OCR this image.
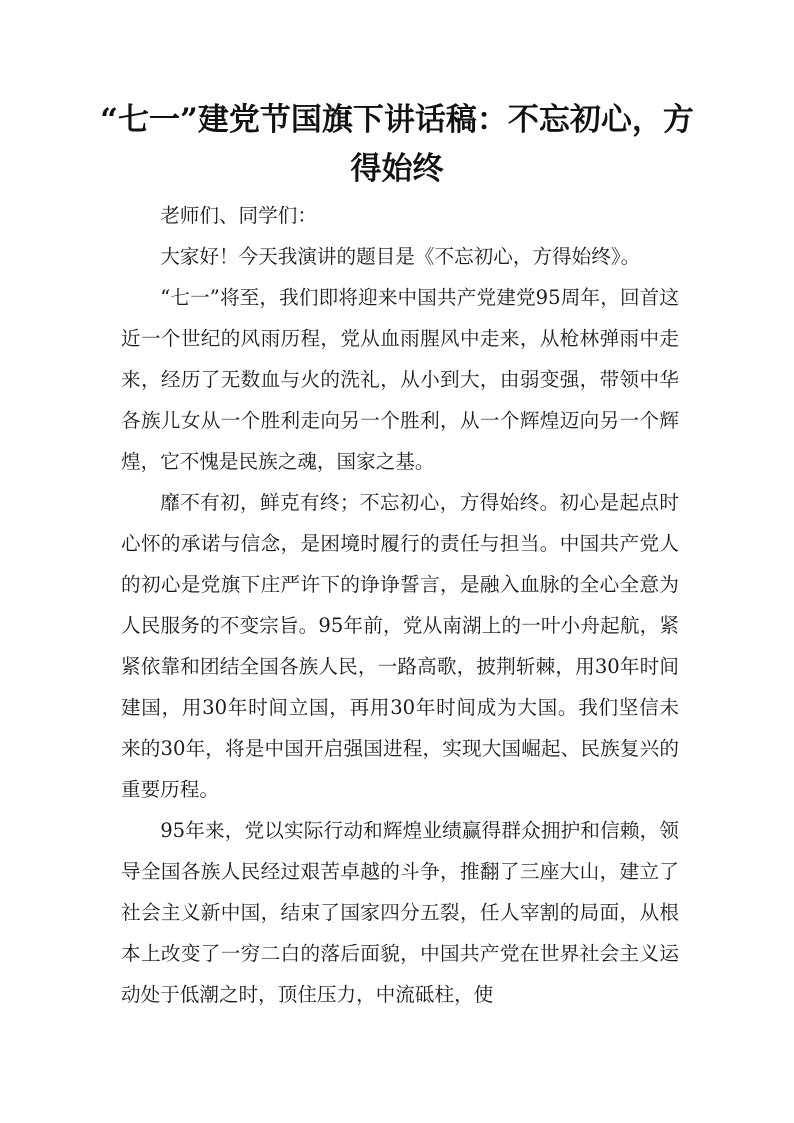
“七一”建党节国旗下讲话稿：不忘初心，方得始终

老师们、同学们：

大家好！今天我演讲的题目是《不忘初心，方得始终》。

“七一”将至，我们即将迎来中国共产党建党95周年，回首这近一个世纪的风雨历程，党从血雨腥风中走来，从枪林弹雨中走来，经历了无数血与火的洗礼，从小到大，由弱变强，带领中华各族儿女从一个胜利走向另一个胜利，从一个辉煌迈向另一个辉煌，它不愧是民族之魂，国家之基。

靡不有初，鲜克有终；不忘初心，方得始终。初心是起点时心怀的承诺与信念，是困境时履行的责任与担当。中国共产党人的初心是党旗下庄严许下的诤诤誓言，是融入血脉的全心全意为人民服务的不变宗旨。95年前，党从南湖上的一叶小舟起航，紧紧依靠和团结全国各族人民，一路高歌，披荆斩棘，用30年时间建国，用30年时间立国，再用30年时间成为大国。我们坚信未来的30年，将是中国开启强国进程，实现大国崛起、民族复兴的重要历程。

95年来，党以实际行动和辉煌业绩赢得群众拥护和信赖，领导全国各族人民经过艰苦卓越的斗争，推翻了三座大山，建立了社会主义新中国，结束了国家四分五裂，任人宰割的局面，从根本上改变了一穷二白的落后面貌，中国共产党在世界社会主义运动处于低潮之时，顶住压力，中流砥柱，使
